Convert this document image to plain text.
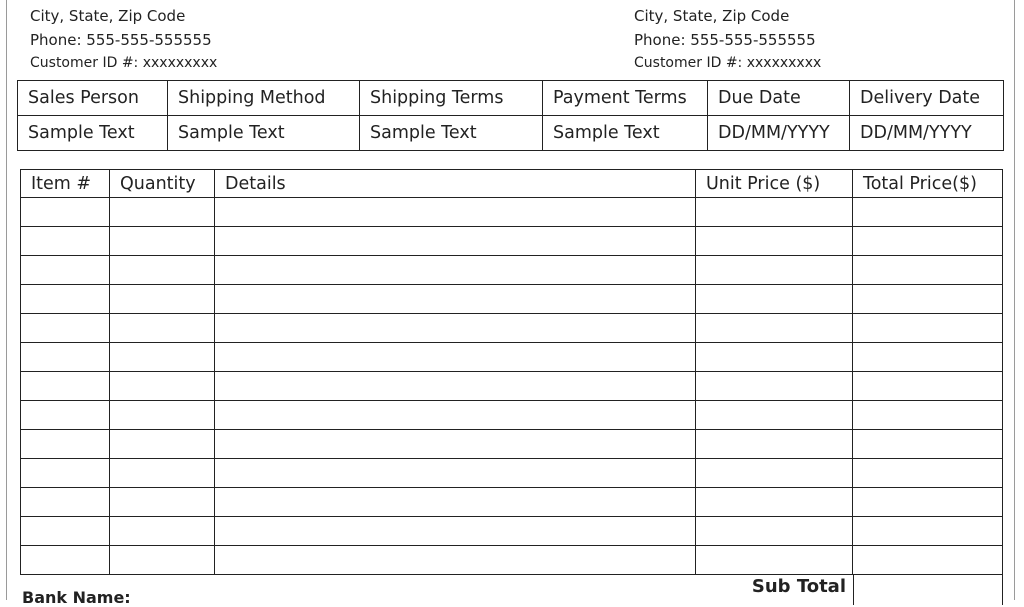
City, State, Zip Code
Phone: 555-555-555555
Customer ID #: xxxxxxxxx
City, State, Zip Code
Phone: 555-555-555555
Customer ID #: xxxxxxxxx
Sales Person	Shipping Method	Shipping Terms	Payment Terms	Due Date	Delivery Date
Sample Text	Sample Text	Sample Text	Sample Text	DD/MM/YYYY	DD/MM/YYYY
Item #	Quantity	Details	Unit Price ($)	Total Price($)

Sub Total
Bank Name:
